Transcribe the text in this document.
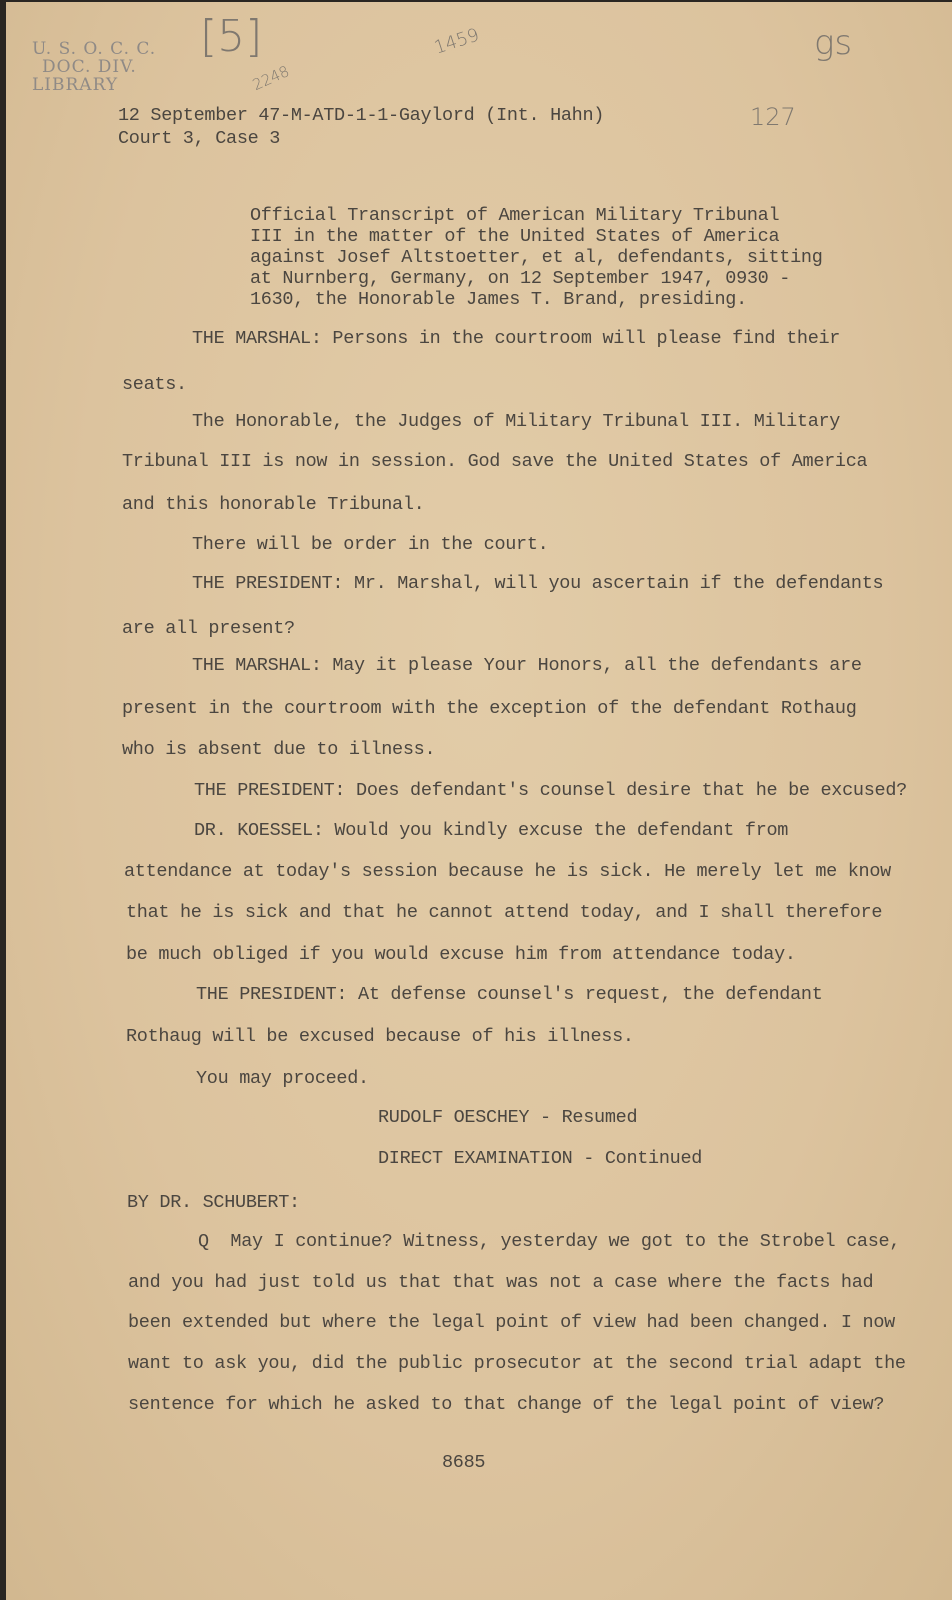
U. S. O. C. C.
DOC. DIV.
LIBRARY
[5]	1459
2248
gs
127
12 September 47-M-ATD-1-1-Gaylord (Int. Hahn)
Court 3, Case 3
Official Transcript of American Military Tribunal
III in the matter of the United States of America
against Josef Altstoetter, et al, defendants, sitting
at Nurnberg, Germany, on 12 September 1947, 0930 -
1630, the Honorable James T. Brand, presiding.
THE MARSHAL: Persons in the courtroom will please find their
seats.
The Honorable, the Judges of Military Tribunal III. Military
Tribunal III is now in session. God save the United States of America
and this honorable Tribunal.
There will be order in the court.
THE PRESIDENT: Mr. Marshal, will you ascertain if the defendants
are all present?
THE MARSHAL: May it please Your Honors, all the defendants are
present in the courtroom with the exception of the defendant Rothaug
who is absent due to illness.
THE PRESIDENT: Does defendant's counsel desire that he be excused?
DR. KOESSEL: Would you kindly excuse the defendant from
attendance at today's session because he is sick. He merely let me know
that he is sick and that he cannot attend today, and I shall therefore
be much obliged if you would excuse him from attendance today.
THE PRESIDENT: At defense counsel's request, the defendant
Rothaug will be excused because of his illness.
You may proceed.
RUDOLF OESCHEY - Resumed
DIRECT EXAMINATION - Continued
BY DR. SCHUBERT:
Q  May I continue? Witness, yesterday we got to the Strobel case,
and you had just told us that that was not a case where the facts had
been extended but where the legal point of view had been changed. I now
want to ask you, did the public prosecutor at the second trial adapt the
sentence for which he asked to that change of the legal point of view?
8685
